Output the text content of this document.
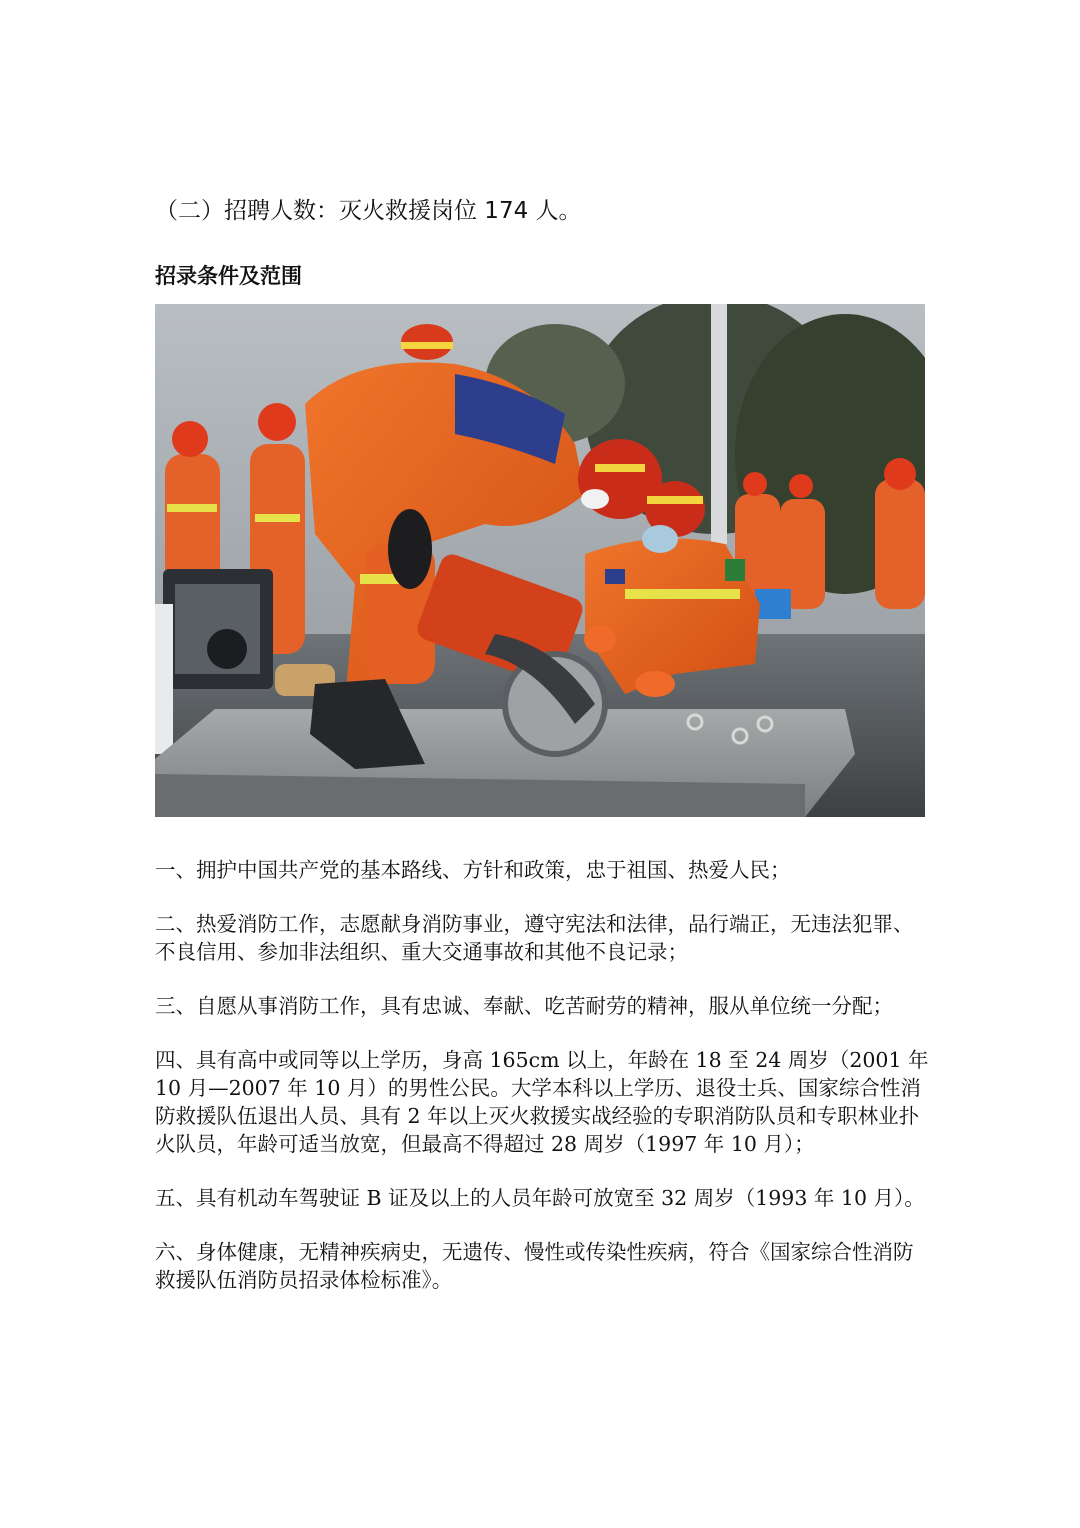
（二）招聘人数：灭火救援岗位 174 人。
招录条件及范围

一、拥护中国共产党的基本路线、方针和政策，忠于祖国、热爱人民；

二、热爱消防工作，志愿献身消防事业，遵守宪法和法律，品行端正，无违法犯罪、不良信用、参加非法组织、重大交通事故和其他不良记录；

三、自愿从事消防工作，具有忠诚、奉献、吃苦耐劳的精神，服从单位统一分配；

四、具有高中或同等以上学历，身高 165cm 以上，年龄在 18 至 24 周岁（2001 年 10 月—2007 年 10 月）的男性公民。大学本科以上学历、退役士兵、国家综合性消防救援队伍退出人员、具有 2 年以上灭火救援实战经验的专职消防队员和专职林业扑火队员，年龄可适当放宽，但最高不得超过 28 周岁（1997 年 10 月）；

五、具有机动车驾驶证 B 证及以上的人员年龄可放宽至 32 周岁（1993 年 10 月）。

六、身体健康，无精神疾病史，无遗传、慢性或传染性疾病，符合《国家综合性消防救援队伍消防员招录体检标准》。
